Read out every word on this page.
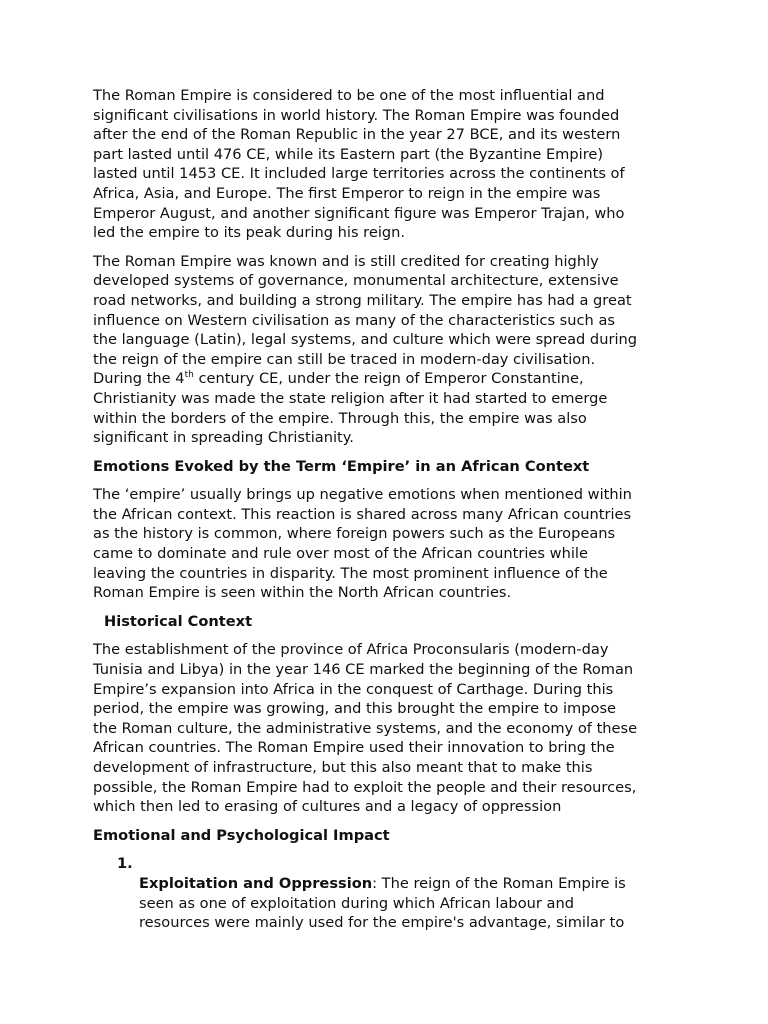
The Roman Empire is considered to be one of the most influential and
significant civilisations in world history. The Roman Empire was founded
after the end of the Roman Republic in the year 27 BCE, and its western
part lasted until 476 CE, while its Eastern part (the Byzantine Empire)
lasted until 1453 CE. It included large territories across the continents of
Africa, Asia, and Europe. The first Emperor to reign in the empire was
Emperor August, and another significant figure was Emperor Trajan, who
led the empire to its peak during his reign.

The Roman Empire was known and is still credited for creating highly
developed systems of governance, monumental architecture, extensive
road networks, and building a strong military. The empire has had a great
influence on Western civilisation as many of the characteristics such as
the language (Latin), legal systems, and culture which were spread during
the reign of the empire can still be traced in modern-day civilisation.
During the 4th century CE, under the reign of Emperor Constantine,
Christianity was made the state religion after it had started to emerge
within the borders of the empire. Through this, the empire was also
significant in spreading Christianity.

Emotions Evoked by the Term ‘Empire’ in an African Context

The ‘empire’ usually brings up negative emotions when mentioned within
the African context. This reaction is shared across many African countries
as the history is common, where foreign powers such as the Europeans
came to dominate and rule over most of the African countries while
leaving the countries in disparity. The most prominent influence of the
Roman Empire is seen within the North African countries.

Historical Context

The establishment of the province of Africa Proconsularis (modern-day
Tunisia and Libya) in the year 146 CE marked the beginning of the Roman
Empire’s expansion into Africa in the conquest of Carthage. During this
period, the empire was growing, and this brought the empire to impose
the Roman culture, the administrative systems, and the economy of these
African countries. The Roman Empire used their innovation to bring the
development of infrastructure, but this also meant that to make this
possible, the Roman Empire had to exploit the people and their resources,
which then led to erasing of cultures and a legacy of oppression

Emotional and Psychological Impact

1.
Exploitation and Oppression: The reign of the Roman Empire is
seen as one of exploitation during which African labour and
resources were mainly used for the empire's advantage, similar to
